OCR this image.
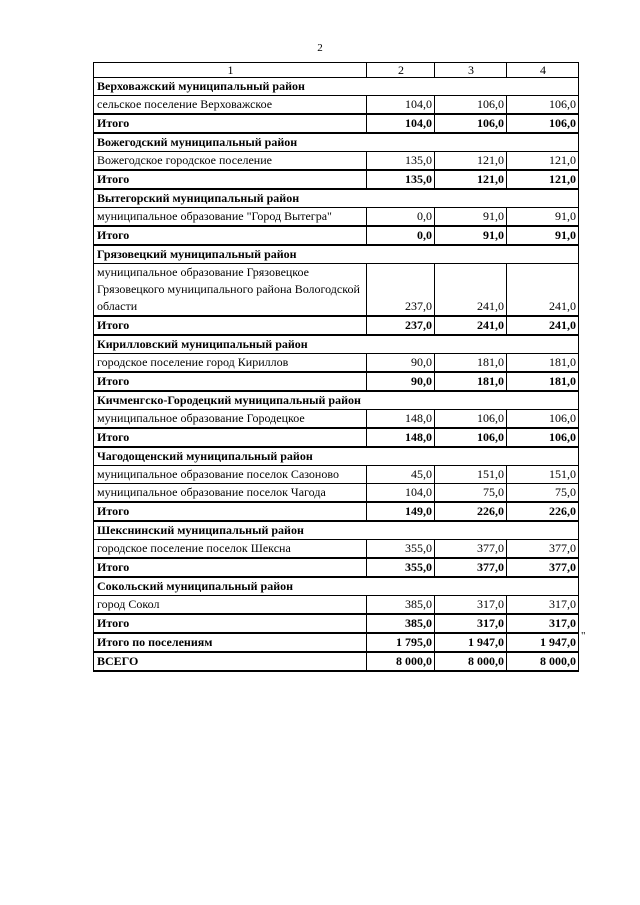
2
1	2	3	4
Верховажский муниципальный район			
сельское поселение Верховажское	104,0	106,0	106,0
Итого	104,0	106,0	106,0
Вожегодский муниципальный район			
Вожегодское городское поселение	135,0	121,0	121,0
Итого	135,0	121,0	121,0
Вытегорский муниципальный район			
муниципальное образование "Город Вытегра"	0,0	91,0	91,0
Итого	0,0	91,0	91,0
Грязовецкий муниципальный район			
муниципальное образование Грязовецкое Грязовецкого муниципального района Вологодской области	237,0	241,0	241,0
Итого	237,0	241,0	241,0
Кирилловский муниципальный район			
городское поселение город Кириллов	90,0	181,0	181,0
Итого	90,0	181,0	181,0
Кичменгско-Городецкий муниципальный район			
муниципальное образование Городецкое	148,0	106,0	106,0
Итого	148,0	106,0	106,0
Чагодощенский муниципальный район			
муниципальное образование поселок Сазоново	45,0	151,0	151,0
муниципальное образование поселок Чагода	104,0	75,0	75,0
Итого	149,0	226,0	226,0
Шекснинский муниципальный район			
городское поселение поселок Шексна	355,0	377,0	377,0
Итого	355,0	377,0	377,0
Сокольский муниципальный район			
город Сокол	385,0	317,0	317,0
Итого	385,0	317,0	317,0
Итого по поселениям	1 795,0	1 947,0	1 947,0
ВСЕГО	8 000,0	8 000,0	8 000,0
"
